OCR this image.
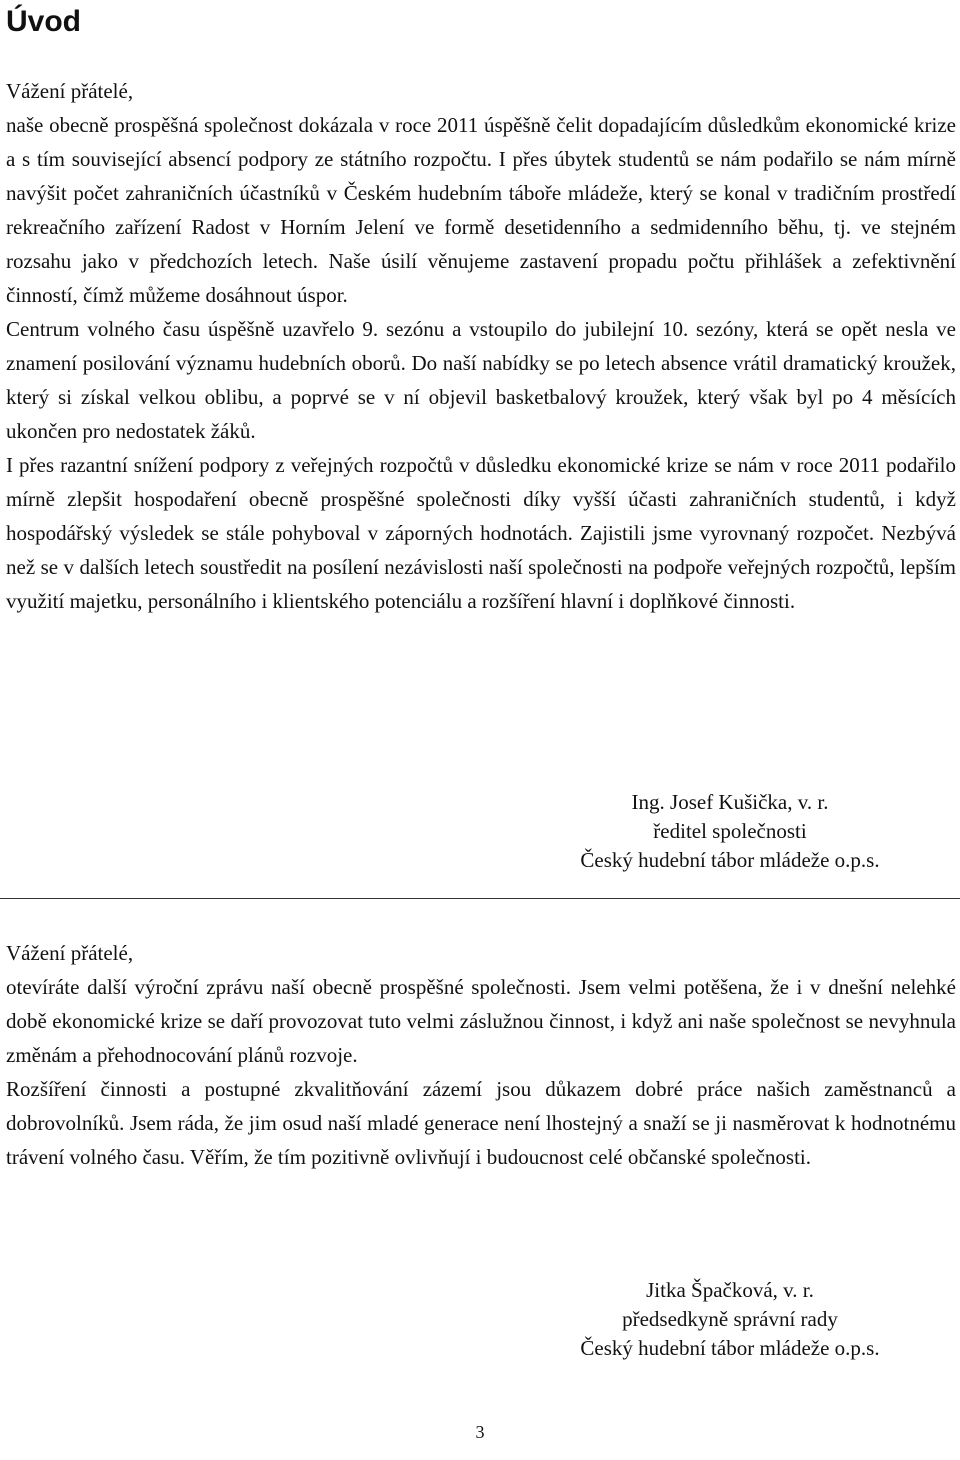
Úvod

Vážení přátelé,

naše obecně prospěšná společnost dokázala v roce 2011 úspěšně čelit dopadajícím důsledkům ekonomické krize a s tím související absencí podpory ze státního rozpočtu. I přes úbytek studentů se nám podařilo se nám mírně navýšit počet zahraničních účastníků v Českém hudebním táboře mládeže, který se konal v tradičním prostředí rekreačního zařízení Radost v Horním Jelení ve formě desetidenního a sedmidenního běhu, tj. ve stejném rozsahu jako v předchozích letech. Naše úsilí věnujeme zastavení propadu počtu přihlášek a zefektivnění činností, čímž můžeme dosáhnout úspor.

Centrum volného času úspěšně uzavřelo 9. sezónu a vstoupilo do jubilejní 10. sezóny, která se opět nesla ve znamení posilování významu hudebních oborů. Do naší nabídky se po letech absence vrátil dramatický kroužek, který si získal velkou oblibu, a poprvé se v ní objevil basketbalový kroužek, který však byl po 4 měsících ukončen pro nedostatek žáků.

I přes razantní snížení podpory z veřejných rozpočtů v důsledku ekonomické krize se nám v roce 2011 podařilo mírně zlepšit hospodaření obecně prospěšné společnosti díky vyšší účasti zahraničních studentů, i když hospodářský výsledek se stále pohyboval v záporných hodnotách. Zajistili jsme vyrovnaný rozpočet. Nezbývá než se v dalších letech soustředit na posílení nezávislosti naší společnosti na podpoře veřejných rozpočtů, lepším využití majetku, personálního i klientského potenciálu a rozšíření hlavní i doplňkové činnosti.

Ing. Josef Kušička, v. r.
ředitel společnosti
Český hudební tábor mládeže o.p.s.

Vážení přátelé,

otevíráte další výroční zprávu naší obecně prospěšné společnosti. Jsem velmi potěšena, že i v dnešní nelehké době ekonomické krize se daří provozovat tuto velmi záslužnou činnost, i když ani naše společnost se nevyhnula změnám a přehodnocování plánů rozvoje.

Rozšíření činnosti a postupné zkvalitňování zázemí jsou důkazem dobré práce našich zaměstnanců a dobrovolníků. Jsem ráda, že jim osud naší mladé generace není lhostejný a snaží se ji nasměrovat k hodnotnému trávení volného času. Věřím, že tím pozitivně ovlivňují i budoucnost celé občanské společnosti.

Jitka Špačková, v. r.
předsedkyně správní rady
Český hudební tábor mládeže o.p.s.
3
